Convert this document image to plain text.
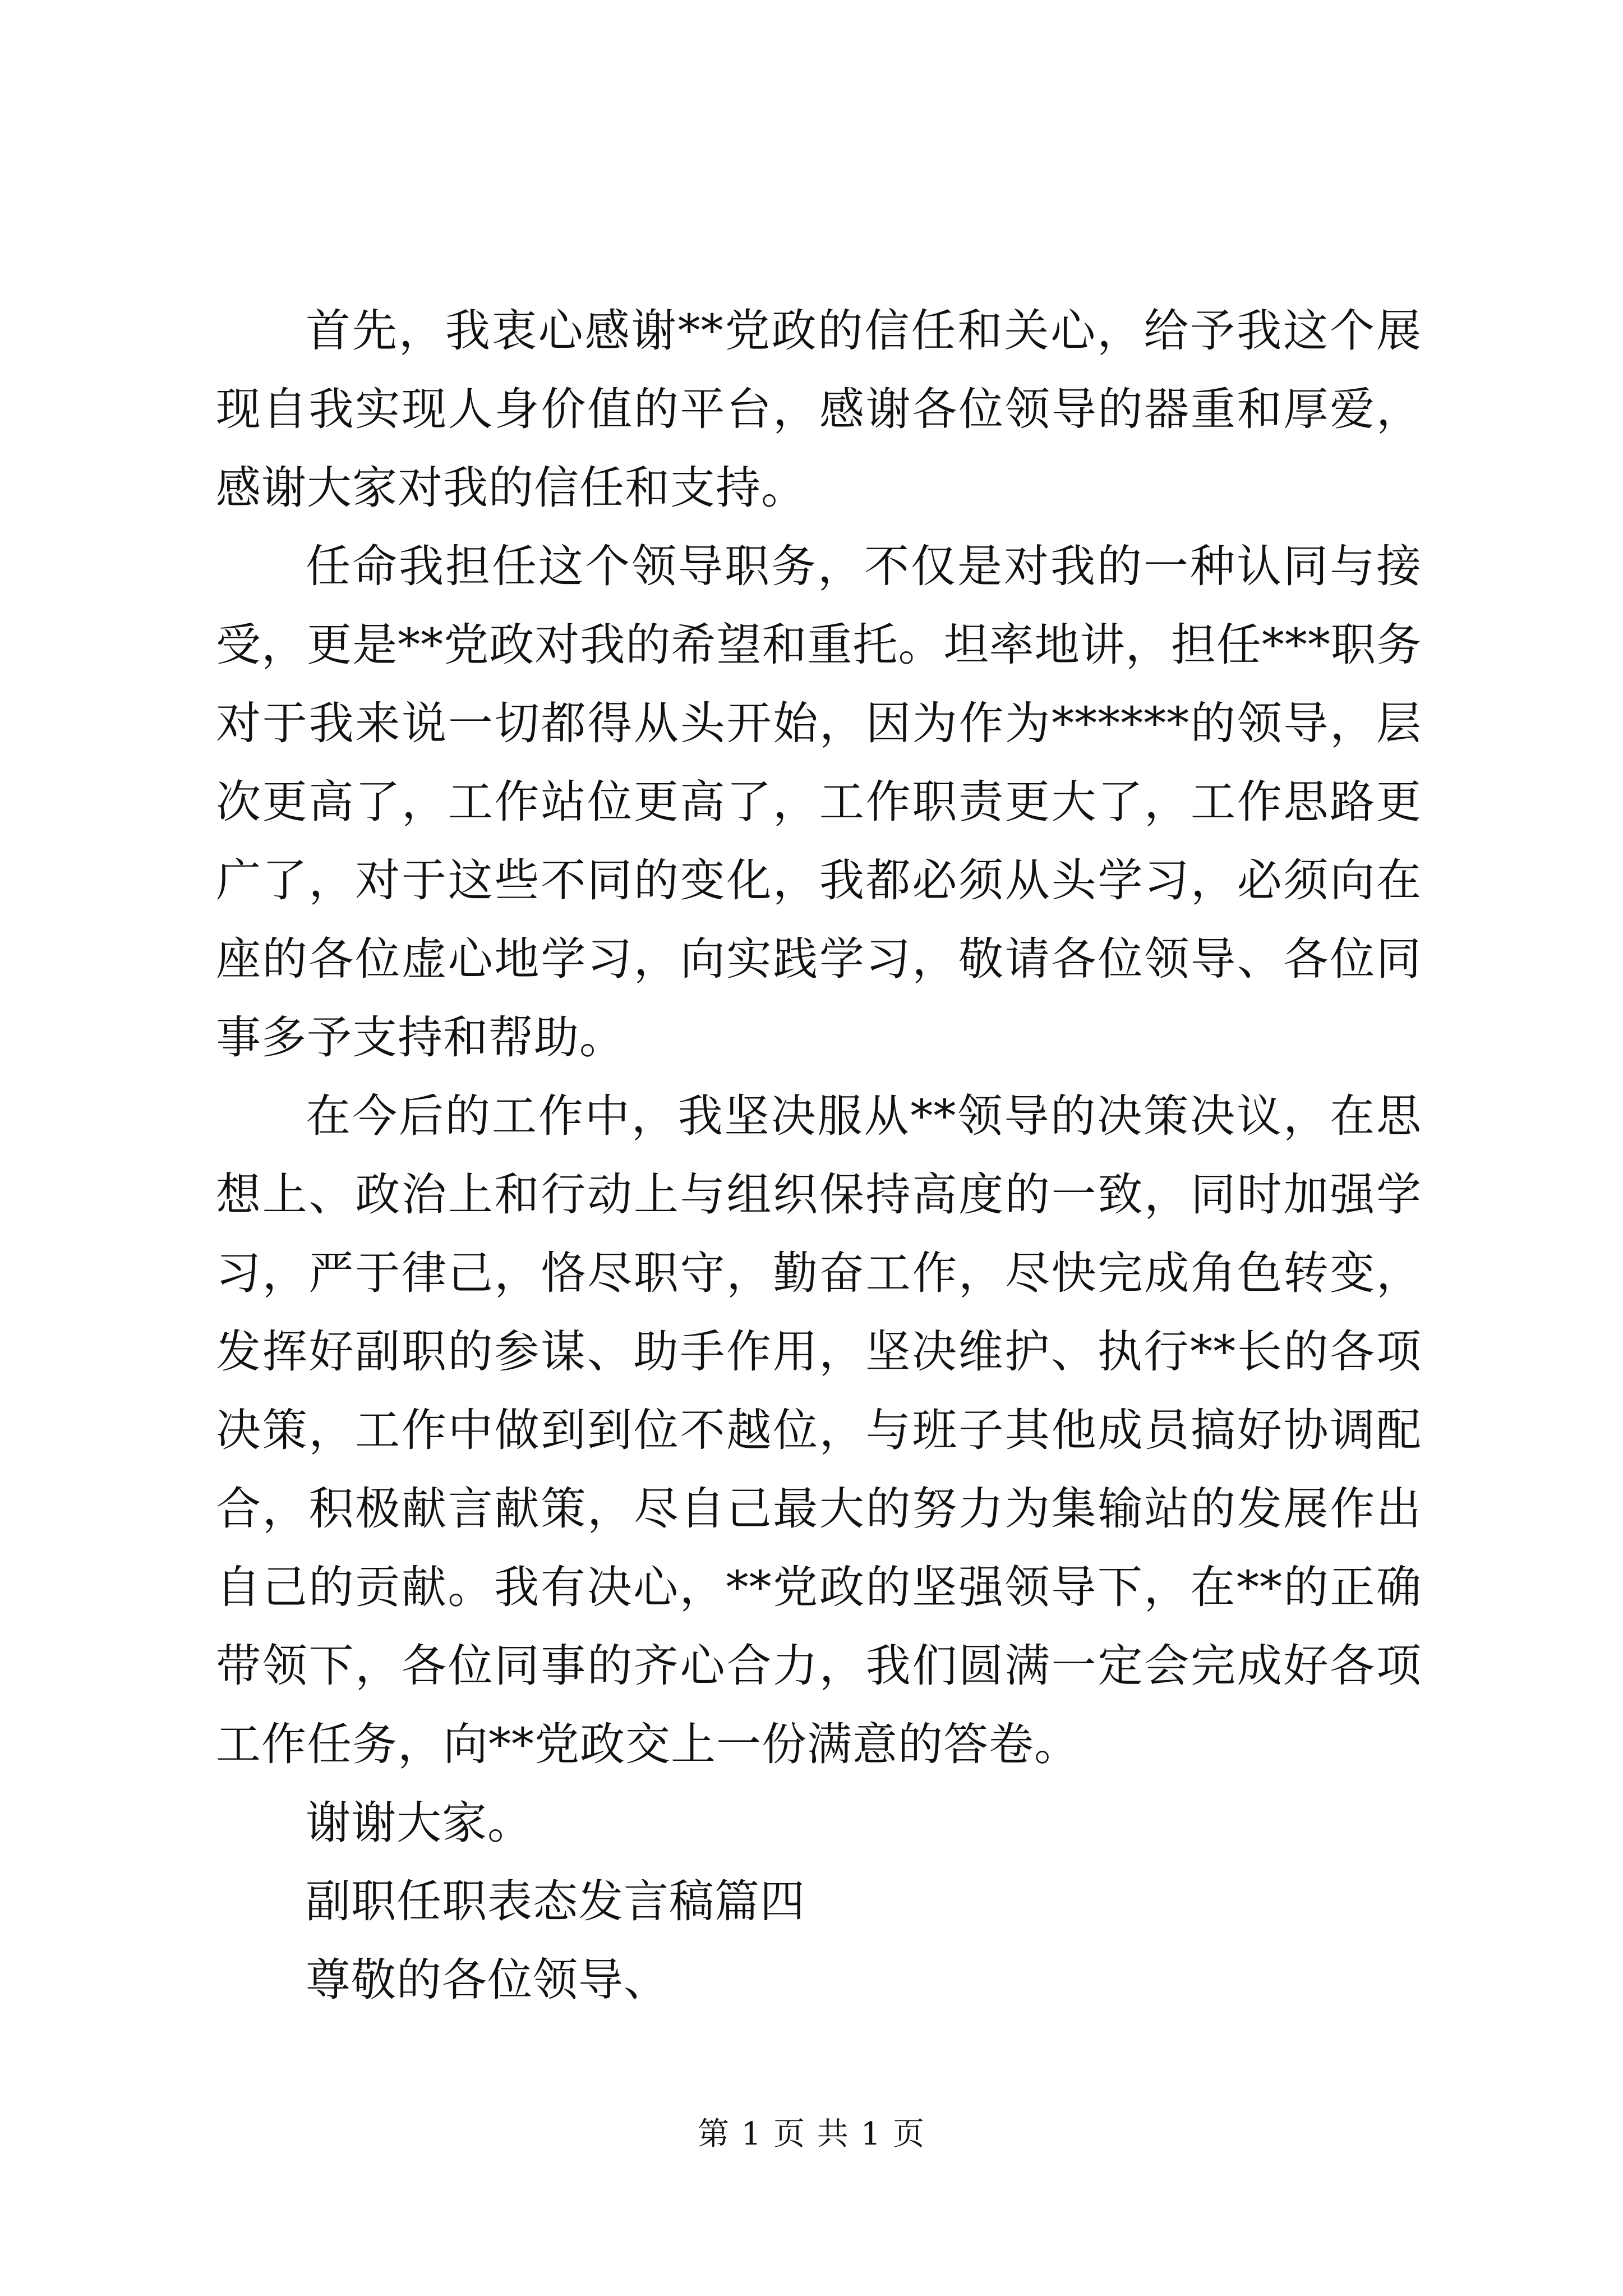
首先，我衷心感谢**党政的信任和关心，给予我这个展现自我实现人身价值的平台，感谢各位领导的器重和厚爱，感谢大家对我的信任和支持。

任命我担任这个领导职务，不仅是对我的一种认同与接受，更是**党政对我的希望和重托。坦率地讲，担任***职务对于我来说一切都得从头开始，因为作为******的领导，层次更高了，工作站位更高了，工作职责更大了，工作思路更广了，对于这些不同的变化，我都必须从头学习，必须向在座的各位虚心地学习，向实践学习，敬请各位领导、各位同事多予支持和帮助。

在今后的工作中，我坚决服从**领导的决策决议，在思想上、政治上和行动上与组织保持高度的一致，同时加强学习，严于律己，恪尽职守，勤奋工作，尽快完成角色转变，发挥好副职的参谋、助手作用，坚决维护、执行**长的各项决策，工作中做到到位不越位，与班子其他成员搞好协调配合，积极献言献策，尽自己最大的努力为集输站的发展作出自己的贡献。我有决心，**党政的坚强领导下，在**的正确带领下，各位同事的齐心合力，我们圆满一定会完成好各项工作任务，向**党政交上一份满意的答卷。

谢谢大家。

副职任职表态发言稿篇四

尊敬的各位领导、

第 1 页 共 1 页
